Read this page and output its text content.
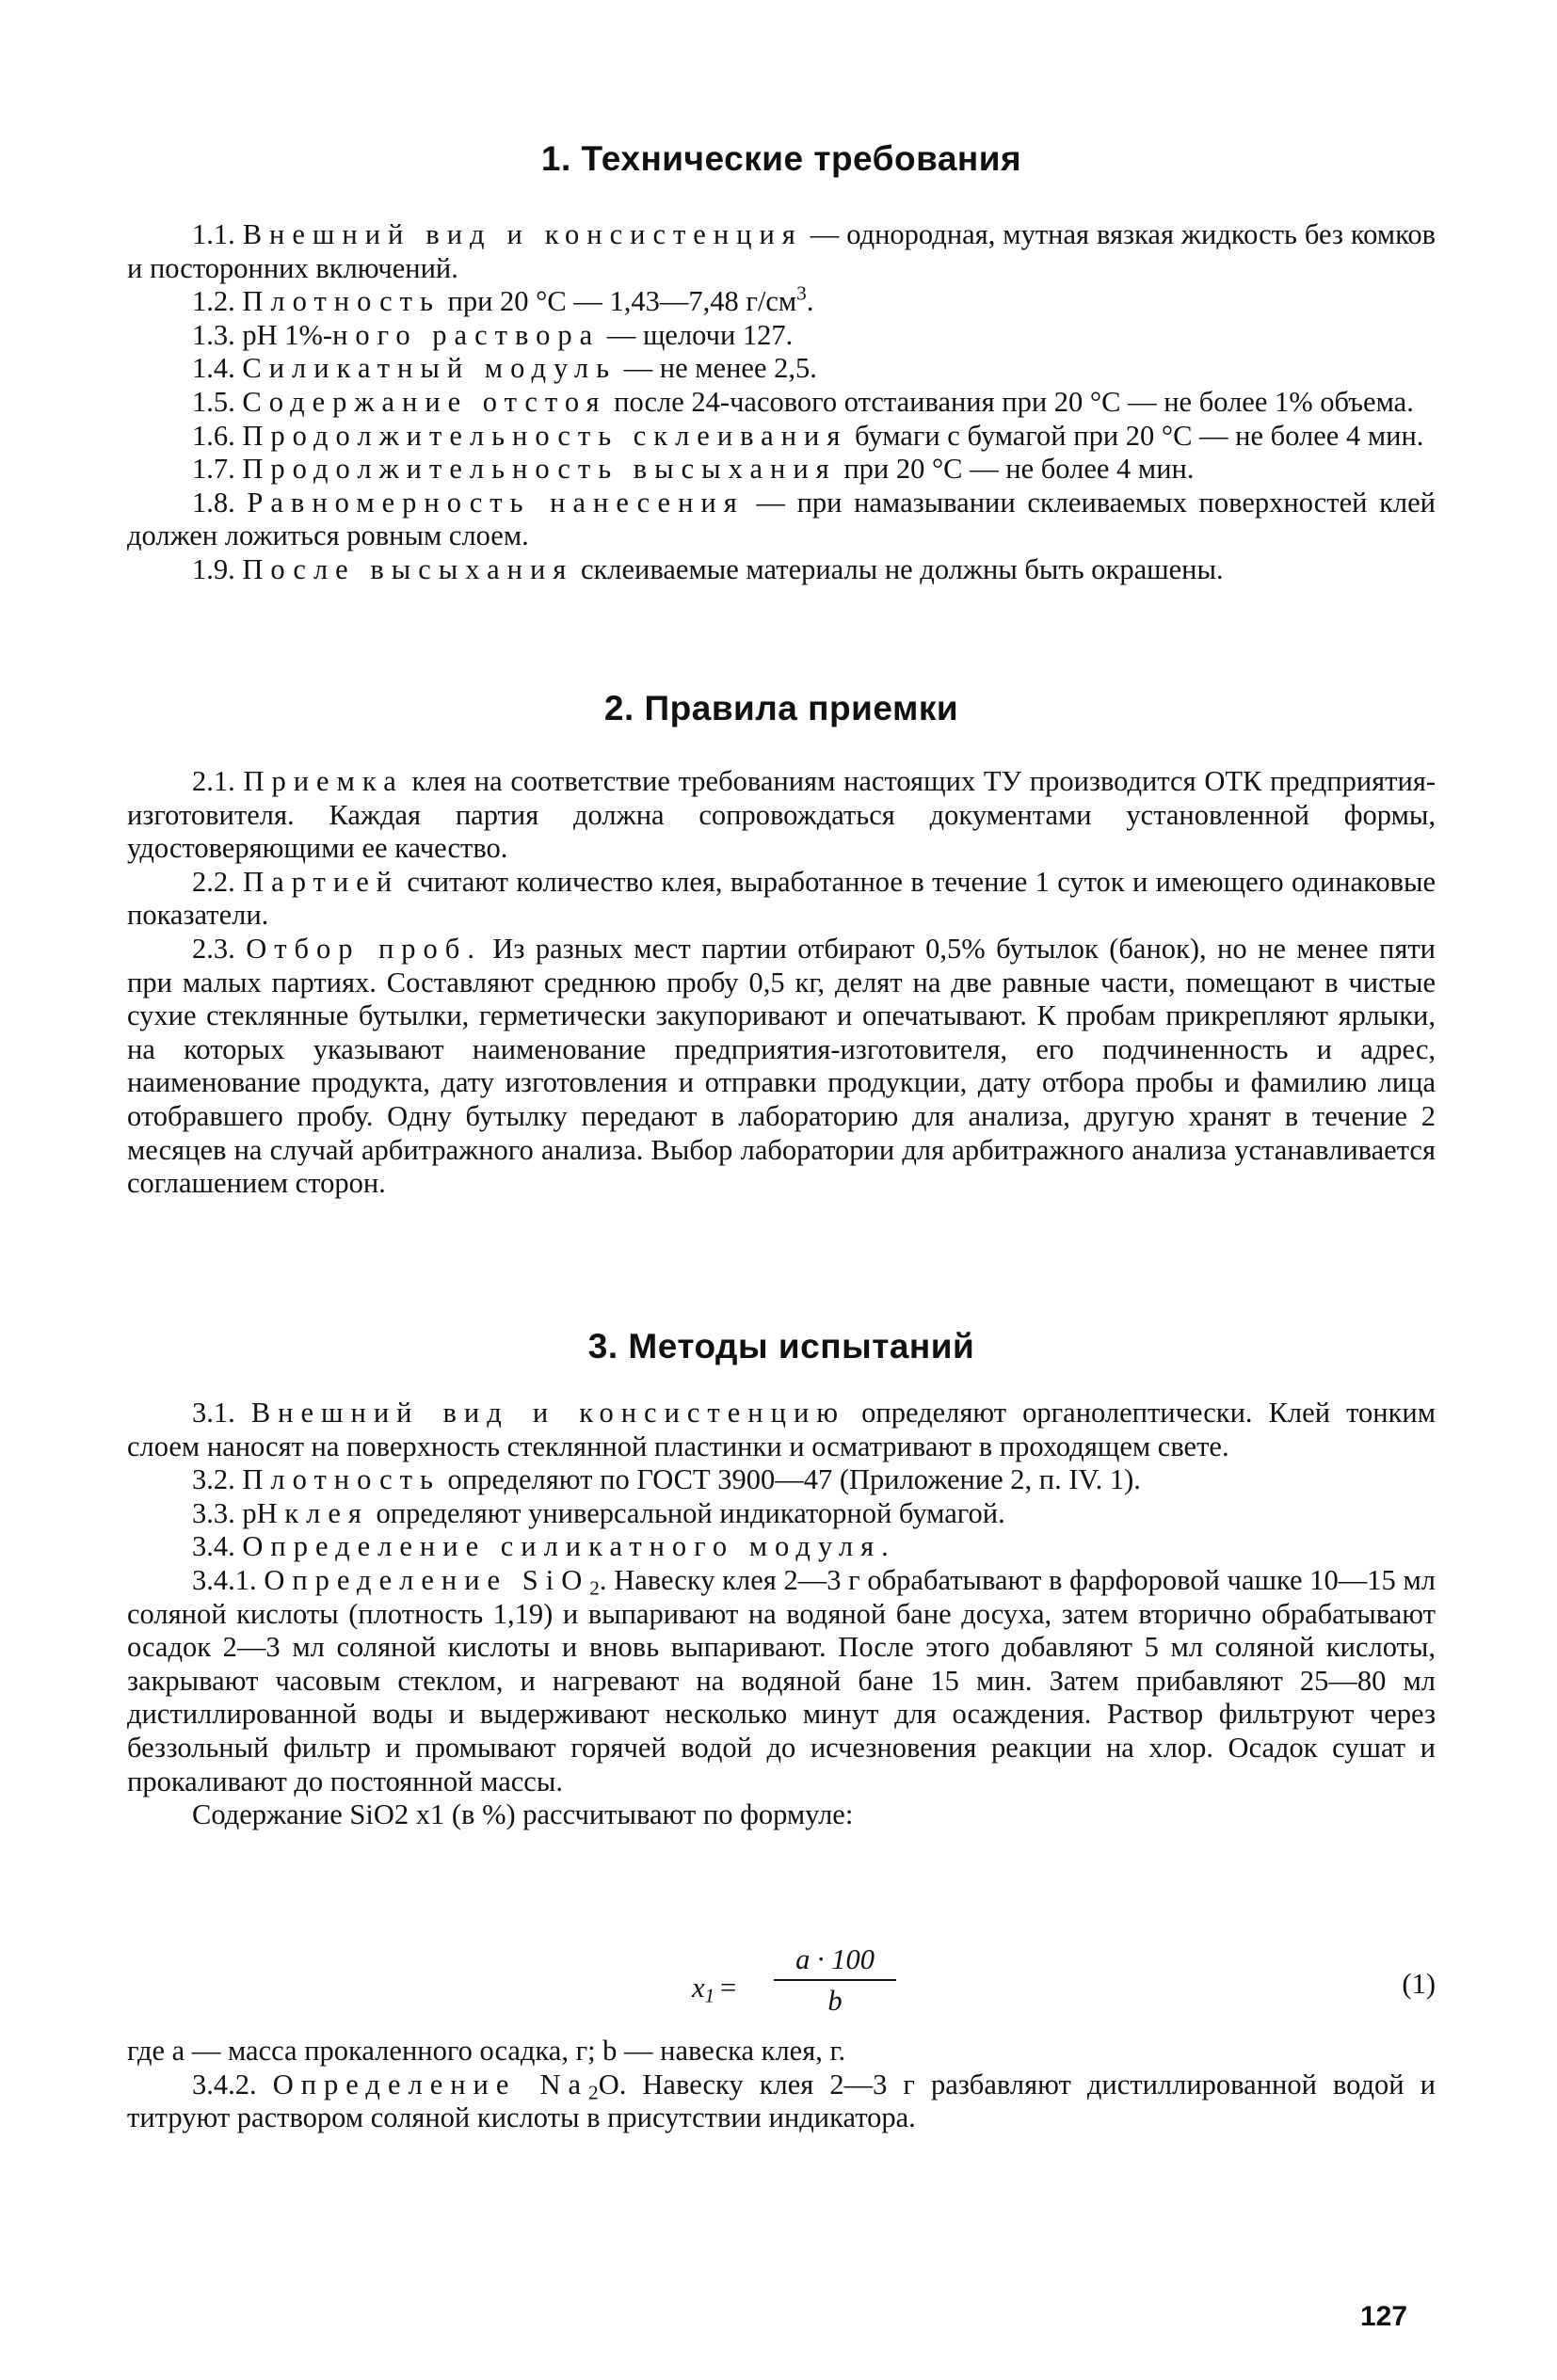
1. Технические требования

1.1. Внешний вид и консистенция — однородная, мутная вязкая жидкость без комков и посторонних включений.

1.2. Плотность при 20 °С — 1,43—7,48 $г/см^3$.

1.3. pH 1%-ного раствора — щелочи 127.

1.4. Силикатный модуль — не менее 2,5.

1.5. Содержание отстоя после 24-часового отстаивания при 20 °С — не более 1% объема.

1.6. Продолжительность склеивания бумаги с бумагой при 20 °С — не более 4 мин.

1.7. Продолжительность высыхания при 20 °С — не более 4 мин.

1.8. Равномерность нанесения — при намазывании склеиваемых поверхностей клей должен ложиться ровным слоем.

1.9. После высыхания склеиваемые материалы не должны быть окрашены.

2. Правила приемки

2.1. Приемка клея на соответствие требованиям настоящих ТУ производится ОТК предприятия-изготовителя. Каждая партия должна сопровождаться документами установленной формы, удостоверяющими ее качество.

2.2. Партией считают количество клея, выработанное в течение 1 суток и имеющего одинаковые показатели.

2.3. Отбор проб. Из разных мест партии отбирают 0,5% бутылок (банок), но не менее пяти при малых партиях. Составляют среднюю пробу 0,5 кг, делят на две равные части, помещают в чистые сухие стеклянные бутылки, герметически закупоривают и опечатывают. К пробам прикрепляют ярлыки, на которых указывают наименование предприятия-изготовителя, его подчиненность и адрес, наименование продукта, дату изготовления и отправки продукции, дату отбора пробы и фамилию лица отобравшего пробу. Одну бутылку передают в лабораторию для анализа, другую хранят в течение 2 месяцев на случай арбитражного анализа. Выбор лаборатории для арбитражного анализа устанавливается соглашением сторон.

3. Методы испытаний

3.1. Внешний вид и консистенцию определяют органолептически. Клей тонким слоем наносят на поверхность стеклянной пластинки и осматривают в проходящем свете.

3.2. Плотность определяют по ГОСТ 3900—47 (Приложение 2, п. IV. 1).

3.3. pH клея определяют универсальной индикаторной бумагой.

3.4. Определение силикатного модуля.

3.4.1. Определение SiO$_2$. Навеску клея 2—3 г обрабатывают в фарфоровой чашке 10—15 мл соляной кислоты (плотность 1,19) и выпаривают на водяной бане досуха, затем вторично обрабатывают осадок 2—3 мл соляной кислоты и вновь выпаривают. После этого добавляют 5 мл соляной кислоты, закрывают часовым стеклом, и нагревают на водяной бане 15 мин. Затем прибавляют 25—80 мл дистиллированной воды и выдерживают несколько минут для осаждения. Раствор фильтруют через беззольный фильтр и промывают горячей водой до исчезновения реакции на хлор. Осадок сушат и прокаливают до постоянной массы.

Содержание SiO2 x1 (в %) рассчитывают по формуле:

$x_1$ =
a · 100
b
(1)

где a — масса прокаленного осадка, г; b — навеска клея, г.

3.4.2. Определение $Na_2O$. Навеску клея 2—3 г разбавляют дистиллированной водой и титруют раствором соляной кислоты в присутствии индикатора.

127
